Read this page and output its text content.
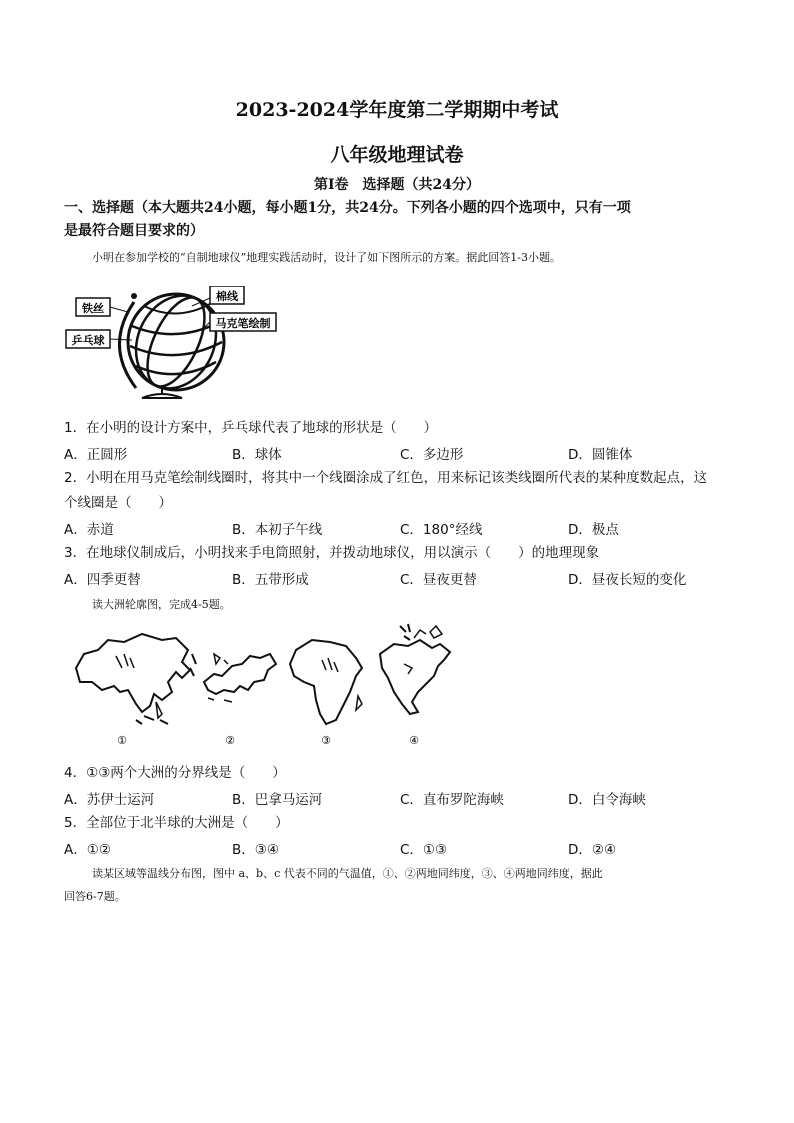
2023-2024学年度第二学期期中考试
八年级地理试卷
第Ⅰ卷　选择题（共24分）
一、选择题（本大题共24小题，每小题1分，共24分。下列各小题的四个选项中，只有一项
是最符合题目要求的）
小明在参加学校的“自制地球仪”地理实践活动时，设计了如下图所示的方案。据此回答1-3小题。
铁丝
棉线
马克笔绘制
乒乓球
1．在小明的设计方案中，乒乓球代表了地球的形状是（　　）
A．正圆形	B．球体	C．多边形	D．圆锥体
2．小明在用马克笔绘制线圈时，将其中一个线圈涂成了红色，用来标记该类线圈所代表的某种度数起点，这
个线圈是（　　）
A．赤道	B．本初子午线	C．180°经线	D．极点
3．在地球仪制成后，小明找来手电筒照射，并拨动地球仪，用以演示（　　）的地理现象
A．四季更替	B．五带形成	C．昼夜更替	D．昼夜长短的变化
读大洲轮廓图，完成4-5题。
①	②	③	④
4．①③两个大洲的分界线是（　　）
A．苏伊士运河	B．巴拿马运河	C．直布罗陀海峡	D．白令海峡
5．全部位于北半球的大洲是（　　）
A．①②	B．③④	C．①③	D．②④
读某区域等温线分布图，图中 a、b、c 代表不同的气温值，①、②两地同纬度，③、④两地同纬度，据此
回答6-7题。
